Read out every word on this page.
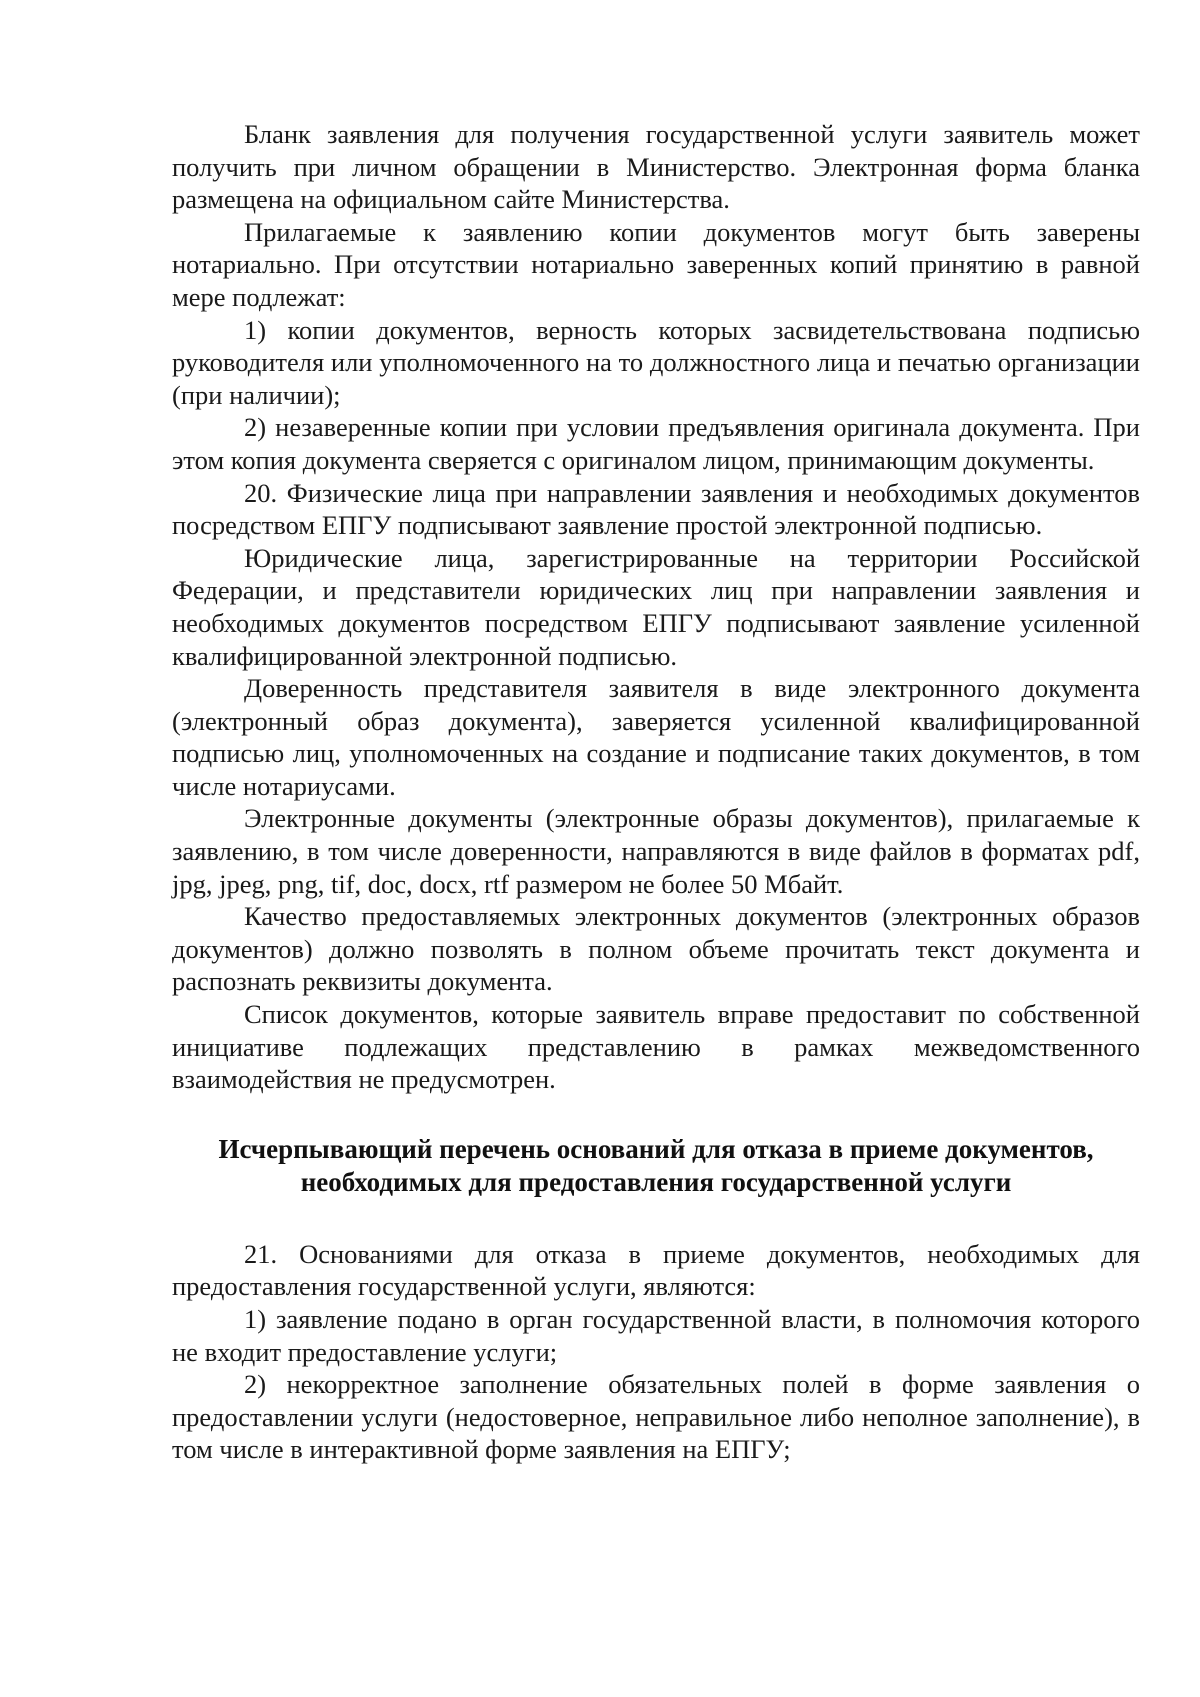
Бланк заявления для получения государственной услуги заявитель может получить при личном обращении в Министерство. Электронная форма бланка размещена на официальном сайте Министерства.

Прилагаемые к заявлению копии документов могут быть заверены нотариально. При отсутствии нотариально заверенных копий принятию в равной мере подлежат:

1) копии документов, верность которых засвидетельствована подписью руководителя или уполномоченного на то должностного лица и печатью организации (при наличии);

2) незаверенные копии при условии предъявления оригинала документа. При этом копия документа сверяется с оригиналом лицом, принимающим документы.

20. Физические лица при направлении заявления и необходимых документов посредством ЕПГУ подписывают заявление простой электронной подписью.

Юридические лица, зарегистрированные на территории Российской Федерации, и представители юридических лиц при направлении заявления и необходимых документов посредством ЕПГУ подписывают заявление усиленной квалифицированной электронной подписью.

Доверенность представителя заявителя в виде электронного документа (электронный образ документа), заверяется усиленной квалифицированной подписью лиц, уполномоченных на создание и подписание таких документов, в том числе нотариусами.

Электронные документы (электронные образы документов), прилагаемые к заявлению, в том числе доверенности, направляются в виде файлов в форматах pdf, jpg, jpeg, png, tif, doc, docx, rtf размером не более 50 Мбайт.

Качество предоставляемых электронных документов (электронных образов документов) должно позволять в полном объеме прочитать текст документа и распознать реквизиты документа.

Список документов, которые заявитель вправе предоставит по собственной инициативе подлежащих представлению в рамках межведомственного взаимодействия не предусмотрен.

Исчерпывающий перечень оснований для отказа в приеме документов,
необходимых для предоставления государственной услуги

21. Основаниями для отказа в приеме документов, необходимых для предоставления государственной услуги, являются:

1) заявление подано в орган государственной власти, в полномочия которого не входит предоставление услуги;

2) некорректное заполнение обязательных полей в форме заявления о предоставлении услуги (недостоверное, неправильное либо неполное заполнение), в том числе в интерактивной форме заявления на ЕПГУ;
